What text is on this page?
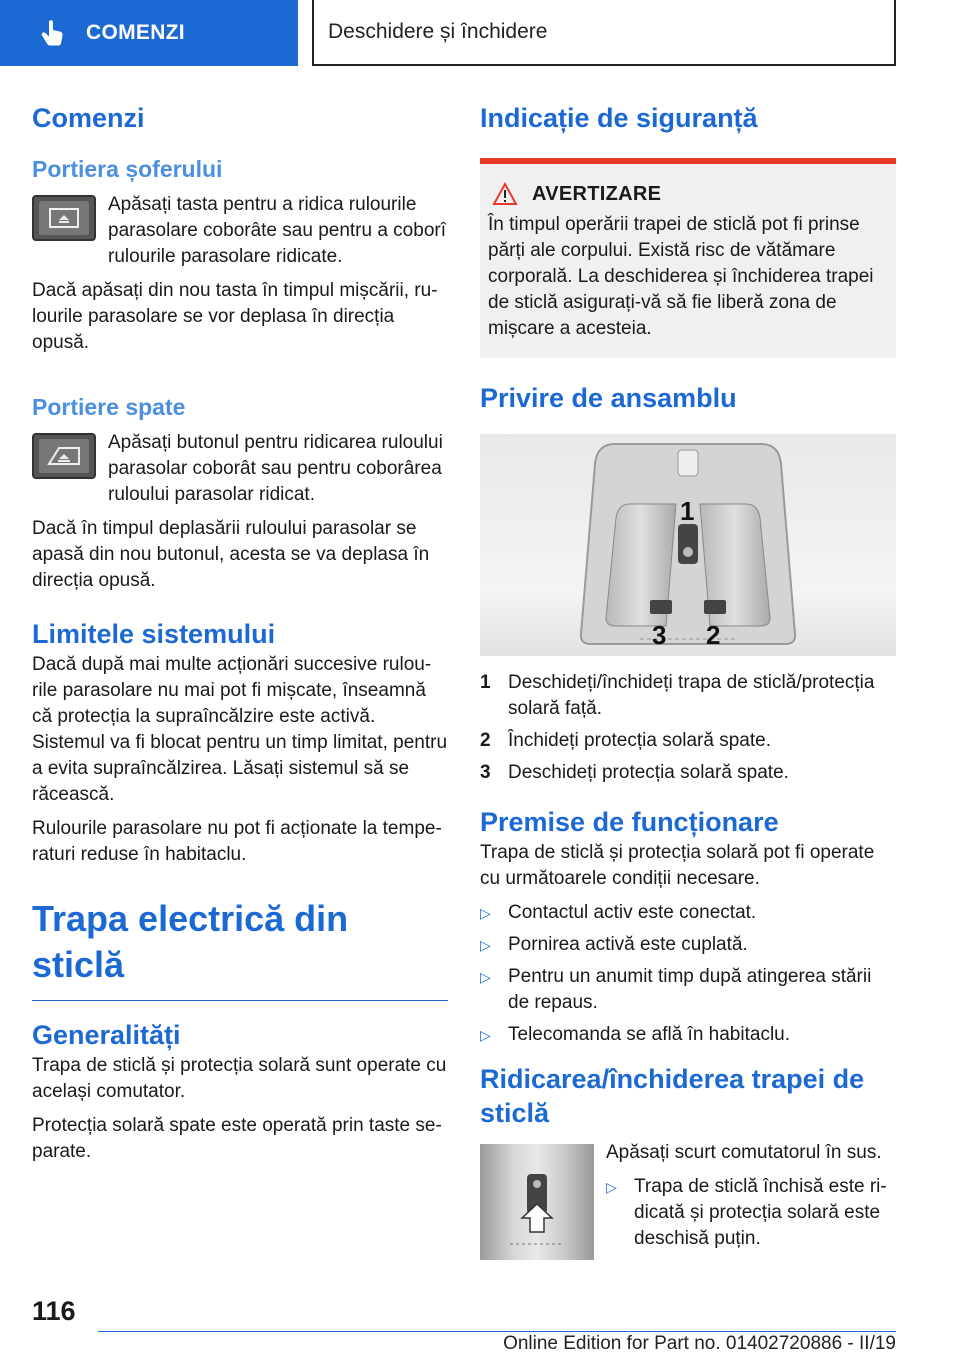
COMENZI	Deschidere și închidere
Comenzi
Portiera șoferului

Apăsați tasta pentru a ridica rulourile parasolare coborâte sau pentru a coborî rulourile parasolare ridicate.

Dacă apăsați din nou tasta în timpul mișcării, rulourile parasolare se vor deplasa în direcția opusă.

Portiere spate

Apăsați butonul pentru ridicarea ruloului parasolar coborât sau pentru coborârea ruloului parasolar ridicat.

Dacă în timpul deplasării ruloului parasolar se apasă din nou butonul, acesta se va deplasa în direcția opusă.

Limitele sistemului

Dacă după mai multe acționări succesive rulourile parasolare nu mai pot fi mișcate, înseamnă că protecția la supraîncălzire este activă. Sistemul va fi blocat pentru un timp limitat, pentru a evita supraîncălzirea. Lăsați sistemul să se răcească.

Rulourile parasolare nu pot fi acționate la temperaturi reduse în habitaclu.

Trapa electrică din sticlă
Generalități

Trapa de sticlă și protecția solară sunt operate cu același comutator.

Protecția solară spate este operată prin taste separate.

Indicație de siguranță
AVERTIZARE

În timpul operării trapei de sticlă pot fi prinse părți ale corpului. Există risc de vătămare corporală. La deschiderea și închiderea trapei de sticlă asigurați-vă să fie liberă zona de mișcare a acesteia.

Privire de ansamblu
1
3 2
1 Deschideți/închideți trapa de sticlă/protecția solară față.
2 Închideți protecția solară spate.
3 Deschideți protecția solară spate.
Premise de funcționare

Trapa de sticlă și protecția solară pot fi operate cu următoarele condiții necesare.

▷ Contactul activ este conectat.
▷ Pornirea activă este cuplată.
▷ Pentru un anumit timp după atingerea stării de repaus.
▷ Telecomanda se află în habitaclu.
Ridicarea/închiderea trapei de sticlă

Apăsați scurt comutatorul în sus.

▷ Trapa de sticlă închisă este ridicată și protecția solară este deschisă puțin.
116
Online Edition for Part no. 01402720886 - II/19
